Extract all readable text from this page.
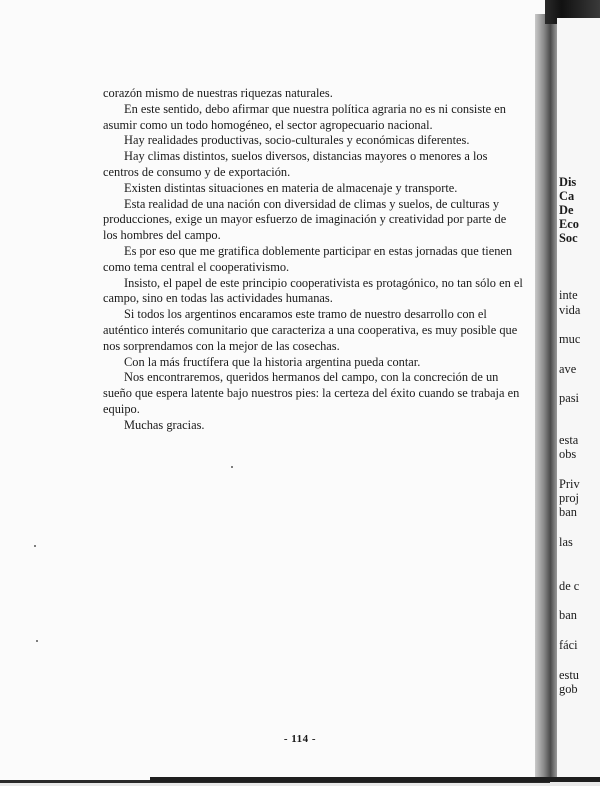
corazón mismo de nuestras riquezas naturales.

En este sentido, debo afirmar que nuestra política agraria no es ni consiste en asumir como un todo homogéneo, el sector agropecuario nacional.

Hay realidades productivas, socio-culturales y económicas diferentes.

Hay climas distintos, suelos diversos, distancias mayores o menores a los centros de consumo y de exportación.

Existen distintas situaciones en materia de almacenaje y transporte.

Esta realidad de una nación con diversidad de climas y suelos, de culturas y producciones, exige un mayor esfuerzo de imaginación y creatividad por parte de los hombres del campo.

Es por eso que me gratifica doblemente participar en estas jornadas que tienen como tema central el cooperativismo.

Insisto, el papel de este principio cooperativista es protagónico, no tan sólo en el campo, sino en todas las actividades humanas.

Si todos los argentinos encaramos este tramo de nuestro desarrollo con el auténtico interés comunitario que caracteriza a una cooperativa, es muy posible que nos sorprendamos con la mejor de las cosechas.

Con la más fructífera que la historia argentina pueda contar.

Nos encontraremos, queridos hermanos del campo, con la concreción de un sueño que espera latente bajo nuestros pies: la certeza del éxito cuando se trabaja en equipo.

Muchas gracias.

Dis
Ca
De
Eco
Soc
inte
vida
muc
ave
pasi
esta
obs
Priv
proj
ban
las
de c
ban
fáci
estu
gob
- 114 -
